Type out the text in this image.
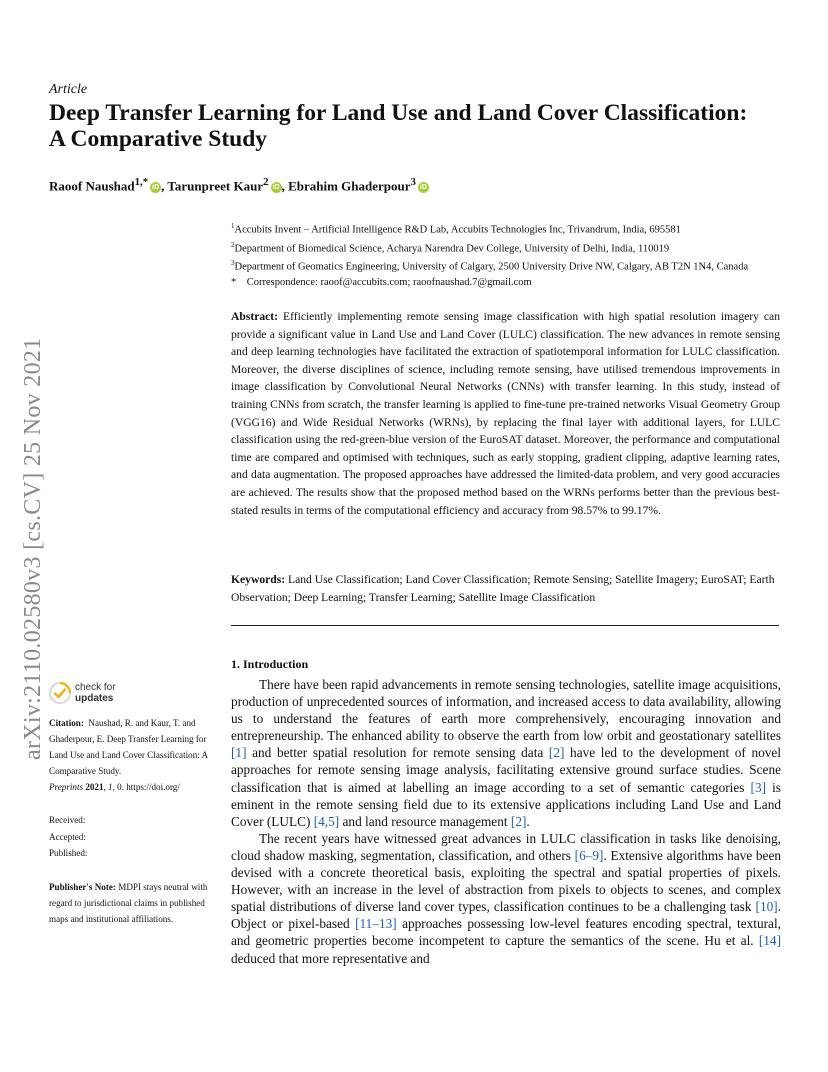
arXiv:2110.02580v3 [cs.CV] 25 Nov 2021
Article
Deep Transfer Learning for Land Use and Land Cover Classification: A Comparative Study
Raoof Naushad$^{1,*}$ iD , Tarunpreet Kaur$^2$ iD , Ebrahim Ghaderpour$^3$ iD
$^1$Accubits Invent – Artificial Intelligence R&D Lab, Accubits Technologies Inc, Trivandrum, India, 695581
$^2$Department of Biomedical Science, Acharya Narendra Dev College, University of Delhi, India, 110019
$^3$Department of Geomatics Engineering, University of Calgary, 2500 University Drive NW, Calgary, AB T2N 1N4, Canada
* Correspondence: raoof@accubits.com; raoofnaushad.7@gmail.com
Abstract: Efficiently implementing remote sensing image classification with high spatial resolution imagery can provide a significant value in Land Use and Land Cover (LULC) classification. The new advances in remote sensing and deep learning technologies have facilitated the extraction of spatiotemporal information for LULC classification. Moreover, the diverse disciplines of science, including remote sensing, have utilised tremendous improvements in image classification by Convolutional Neural Networks (CNNs) with transfer learning. In this study, instead of training CNNs from scratch, the transfer learning is applied to fine-tune pre-trained networks Visual Geometry Group (VGG16) and Wide Residual Networks (WRNs), by replacing the final layer with additional layers, for LULC classification using the red-green-blue version of the EuroSAT dataset. Moreover, the performance and computational time are compared and optimised with techniques, such as early stopping, gradient clipping, adaptive learning rates, and data augmentation. The proposed approaches have addressed the limited-data problem, and very good accuracies are achieved. The results show that the proposed method based on the WRNs performs better than the previous best-stated results in terms of the computational efficiency and accuracy from 98.57% to 99.17%.
Keywords: Land Use Classification; Land Cover Classification; Remote Sensing; Satellite Imagery; EuroSAT; Earth Observation; Deep Learning; Transfer Learning; Satellite Image Classification
check for
updates
Citation: Naushad, R. and Kaur, T. and Ghaderpour, E. Deep Transfer Learning for Land Use and Land Cover Classification: A Comparative Study.
Preprints 2021, 1, 0. https://doi.org/
Received:
Accepted:
Published:
Publisher's Note: MDPI stays neutral with regard to jurisdictional claims in published maps and institutional affiliations.
1. Introduction

There have been rapid advancements in remote sensing technologies, satellite image acquisitions, production of unprecedented sources of information, and increased access to data availability, allowing us to understand the features of earth more comprehensively, encouraging innovation and entrepreneurship. The enhanced ability to observe the earth from low orbit and geostationary satellites [1] and better spatial resolution for remote sensing data [2] have led to the development of novel approaches for remote sensing image analysis, facilitating extensive ground surface studies. Scene classification that is aimed at labelling an image according to a set of semantic categories [3] is eminent in the remote sensing field due to its extensive applications including Land Use and Land Cover (LULC) [4,5] and land resource management [2].

The recent years have witnessed great advances in LULC classification in tasks like denoising, cloud shadow masking, segmentation, classification, and others [6–9]. Extensive algorithms have been devised with a concrete theoretical basis, exploiting the spectral and spatial properties of pixels. However, with an increase in the level of abstraction from pixels to objects to scenes, and complex spatial distributions of diverse land cover types, classification continues to be a challenging task [10]. Object or pixel-based [11–13] approaches possessing low-level features encoding spectral, textural, and geometric properties become incompetent to capture the semantics of the scene. Hu et al. [14] deduced that more representative and
